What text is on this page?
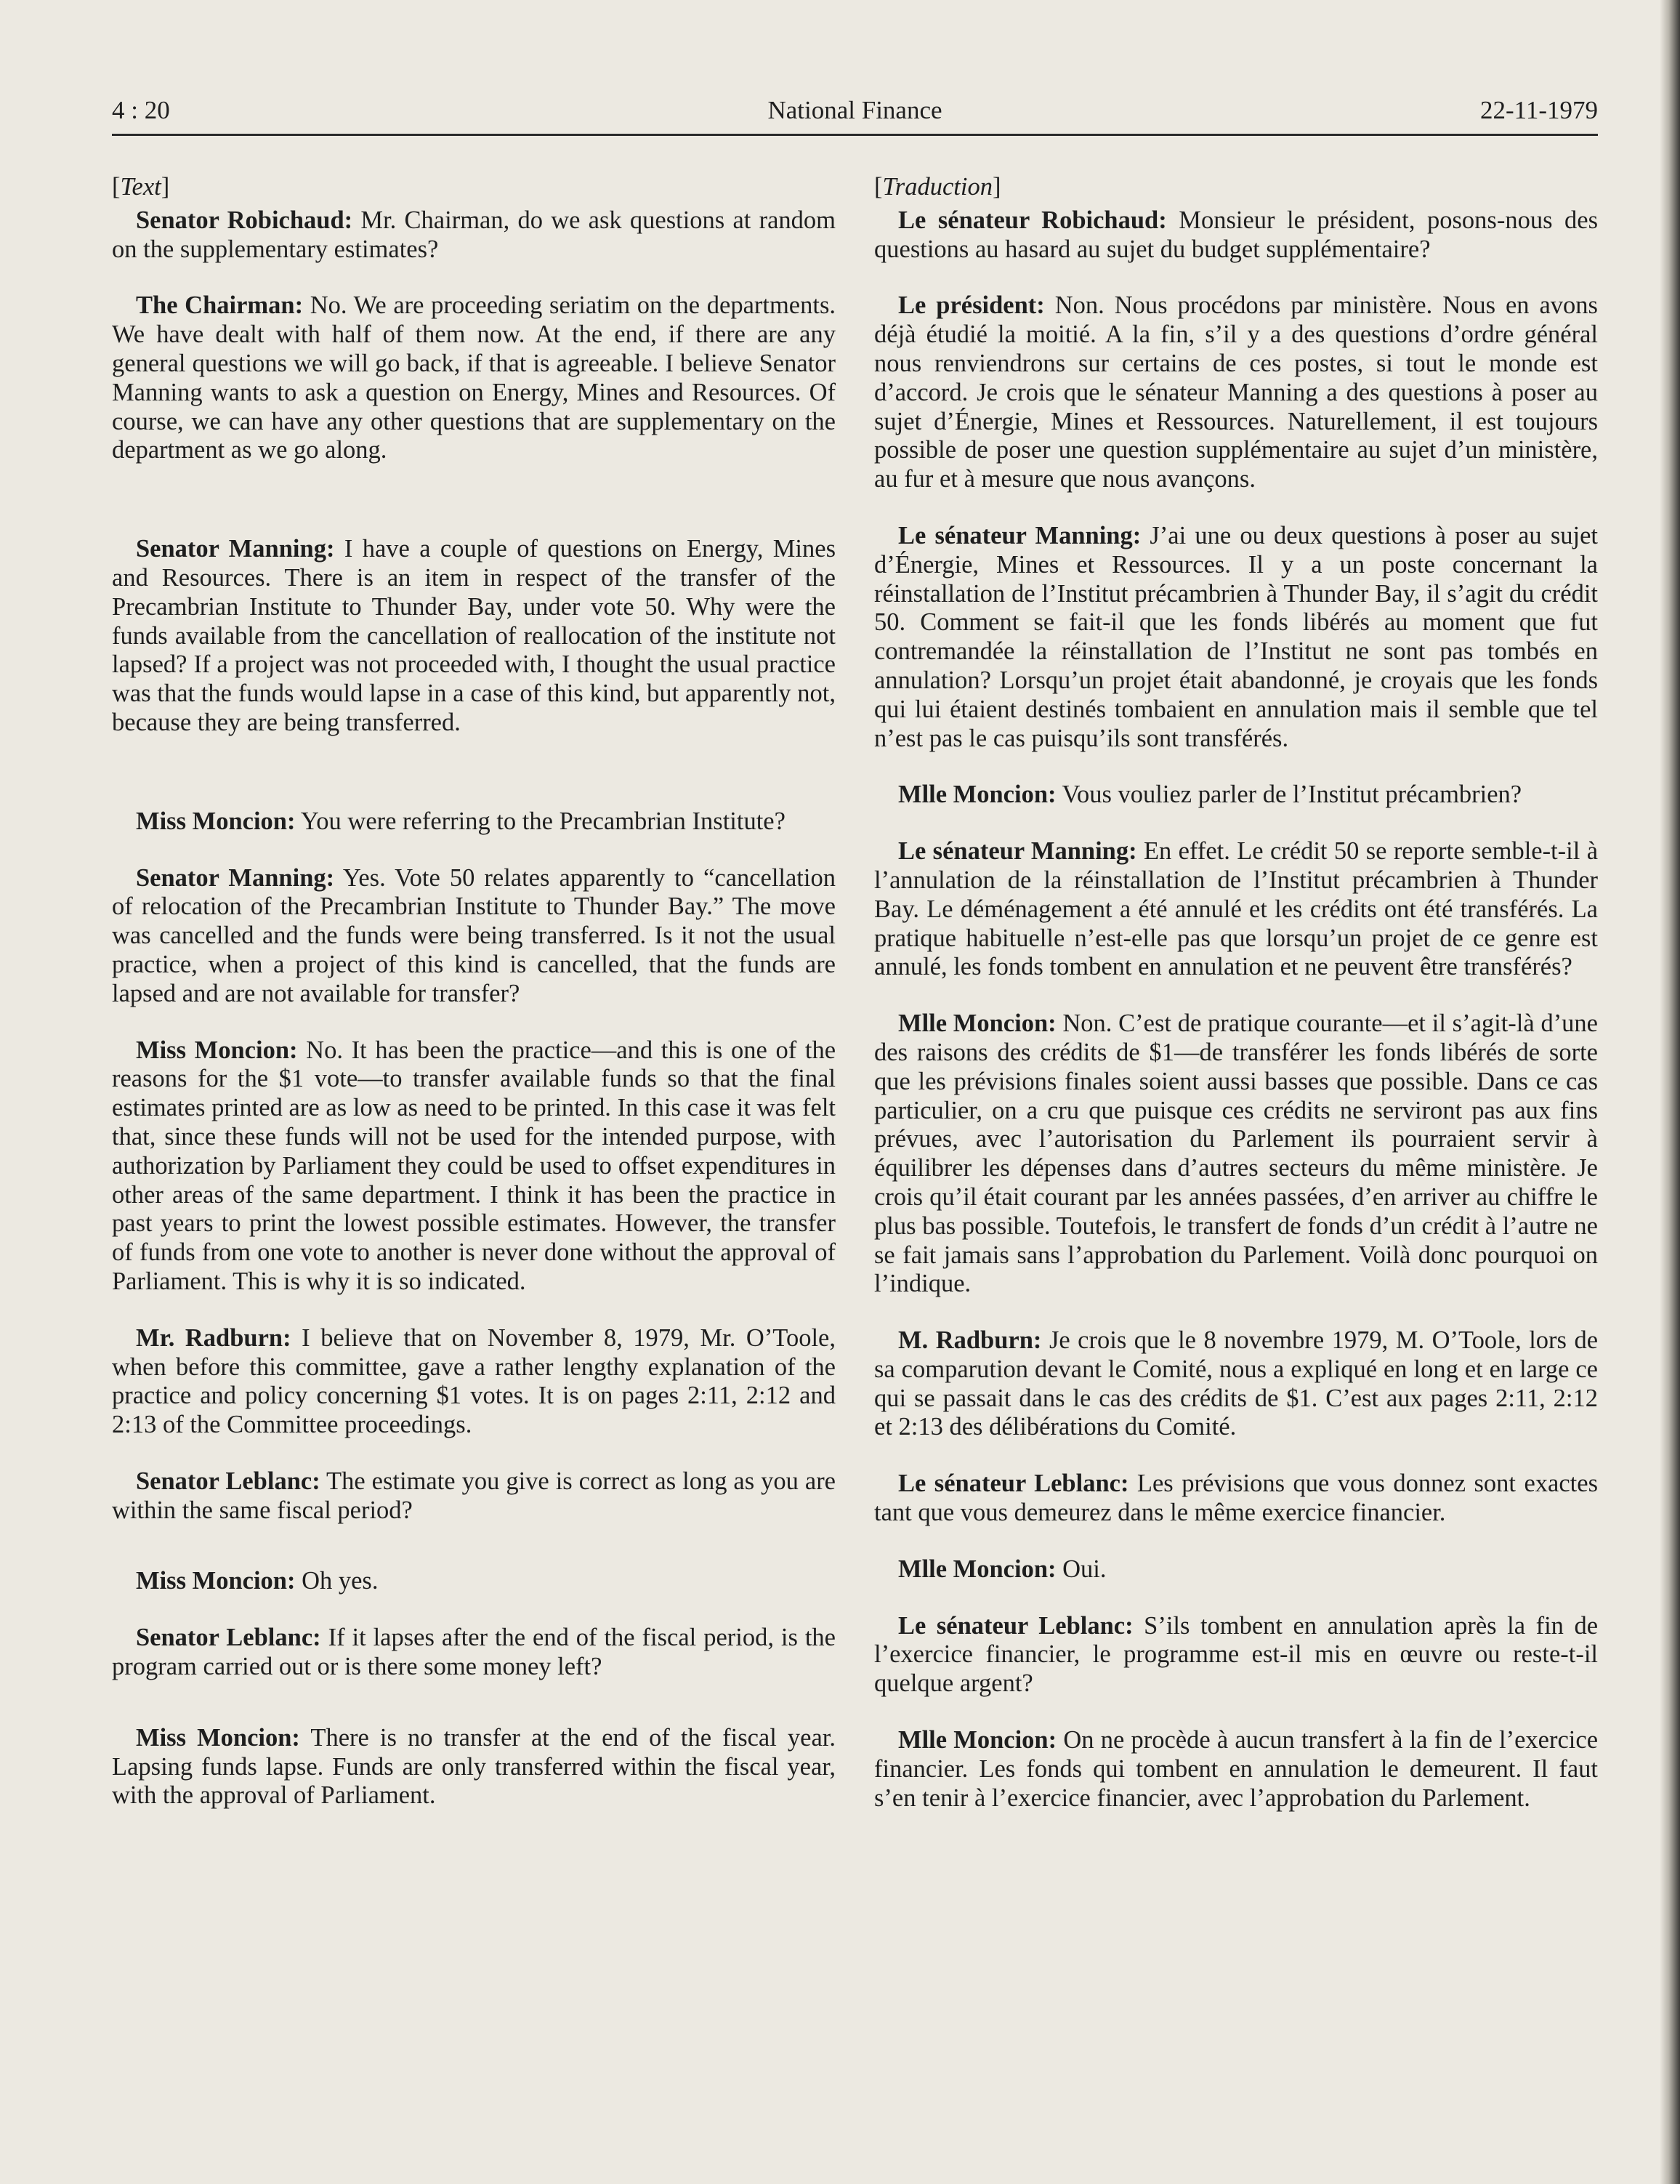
4 : 20	National Finance	22-11-1979
[Text]

Senator Robichaud: Mr. Chairman, do we ask questions at random on the supplementary estimates?

The Chairman: No. We are proceeding seriatim on the departments. We have dealt with half of them now. At the end, if there are any general questions we will go back, if that is agreeable. I believe Senator Manning wants to ask a question on Energy, Mines and Resources. Of course, we can have any other questions that are supplementary on the department as we go along.

Senator Manning: I have a couple of questions on Energy, Mines and Resources. There is an item in respect of the transfer of the Precambrian Institute to Thunder Bay, under vote 50. Why were the funds available from the cancellation of reallocation of the institute not lapsed? If a project was not proceeded with, I thought the usual practice was that the funds would lapse in a case of this kind, but apparently not, because they are being transferred.

Miss Moncion: You were referring to the Precambrian Institute?

Senator Manning: Yes. Vote 50 relates apparently to “cancellation of relocation of the Precambrian Institute to Thunder Bay.” The move was cancelled and the funds were being transferred. Is it not the usual practice, when a project of this kind is cancelled, that the funds are lapsed and are not available for transfer?

Miss Moncion: No. It has been the practice—and this is one of the reasons for the $1 vote—to transfer available funds so that the final estimates printed are as low as need to be printed. In this case it was felt that, since these funds will not be used for the intended purpose, with authorization by Parliament they could be used to offset expenditures in other areas of the same department. I think it has been the practice in past years to print the lowest possible estimates. However, the transfer of funds from one vote to another is never done without the approval of Parliament. This is why it is so indicated.

Mr. Radburn: I believe that on November 8, 1979, Mr. O’Toole, when before this committee, gave a rather lengthy explanation of the practice and policy concerning $1 votes. It is on pages 2:11, 2:12 and 2:13 of the Committee proceedings.

Senator Leblanc: The estimate you give is correct as long as you are within the same fiscal period?

Miss Moncion: Oh yes.

Senator Leblanc: If it lapses after the end of the fiscal period, is the program carried out or is there some money left?

Miss Moncion: There is no transfer at the end of the fiscal year. Lapsing funds lapse. Funds are only transferred within the fiscal year, with the approval of Parliament.

[Traduction]

Le sénateur Robichaud: Monsieur le président, posons-nous des questions au hasard au sujet du budget supplémentaire?

Le président: Non. Nous procédons par ministère. Nous en avons déjà étudié la moitié. A la fin, s’il y a des questions d’ordre général nous renviendrons sur certains de ces postes, si tout le monde est d’accord. Je crois que le sénateur Manning a des questions à poser au sujet d’Énergie, Mines et Ressources. Naturellement, il est toujours possible de poser une question supplémentaire au sujet d’un ministère, au fur et à mesure que nous avançons.

Le sénateur Manning: J’ai une ou deux questions à poser au sujet d’Énergie, Mines et Ressources. Il y a un poste concernant la réinstallation de l’Institut précambrien à Thunder Bay, il s’agit du crédit 50. Comment se fait-il que les fonds libérés au moment que fut contremandée la réinstallation de l’Institut ne sont pas tombés en annulation? Lorsqu’un projet était abandonné, je croyais que les fonds qui lui étaient destinés tombaient en annulation mais il semble que tel n’est pas le cas puisqu’ils sont transférés.

Mlle Moncion: Vous vouliez parler de l’Institut précambrien?

Le sénateur Manning: En effet. Le crédit 50 se reporte semble-t-il à l’annulation de la réinstallation de l’Institut précambrien à Thunder Bay. Le déménagement a été annulé et les crédits ont été transférés. La pratique habituelle n’est-elle pas que lorsqu’un projet de ce genre est annulé, les fonds tombent en annulation et ne peuvent être transférés?

Mlle Moncion: Non. C’est de pratique courante—et il s’agit-là d’une des raisons des crédits de $1—de transférer les fonds libérés de sorte que les prévisions finales soient aussi basses que possible. Dans ce cas particulier, on a cru que puisque ces crédits ne serviront pas aux fins prévues, avec l’autorisation du Parlement ils pourraient servir à équilibrer les dépenses dans d’autres secteurs du même ministère. Je crois qu’il était courant par les années passées, d’en arriver au chiffre le plus bas possible. Toutefois, le transfert de fonds d’un crédit à l’autre ne se fait jamais sans l’approbation du Parlement. Voilà donc pourquoi on l’indique.

M. Radburn: Je crois que le 8 novembre 1979, M. O’Toole, lors de sa comparution devant le Comité, nous a expliqué en long et en large ce qui se passait dans le cas des crédits de $1. C’est aux pages 2:11, 2:12 et 2:13 des délibérations du Comité.

Le sénateur Leblanc: Les prévisions que vous donnez sont exactes tant que vous demeurez dans le même exercice financier.

Mlle Moncion: Oui.

Le sénateur Leblanc: S’ils tombent en annulation après la fin de l’exercice financier, le programme est-il mis en œuvre ou reste-t-il quelque argent?

Mlle Moncion: On ne procède à aucun transfert à la fin de l’exercice financier. Les fonds qui tombent en annulation le demeurent. Il faut s’en tenir à l’exercice financier, avec l’approbation du Parlement.
